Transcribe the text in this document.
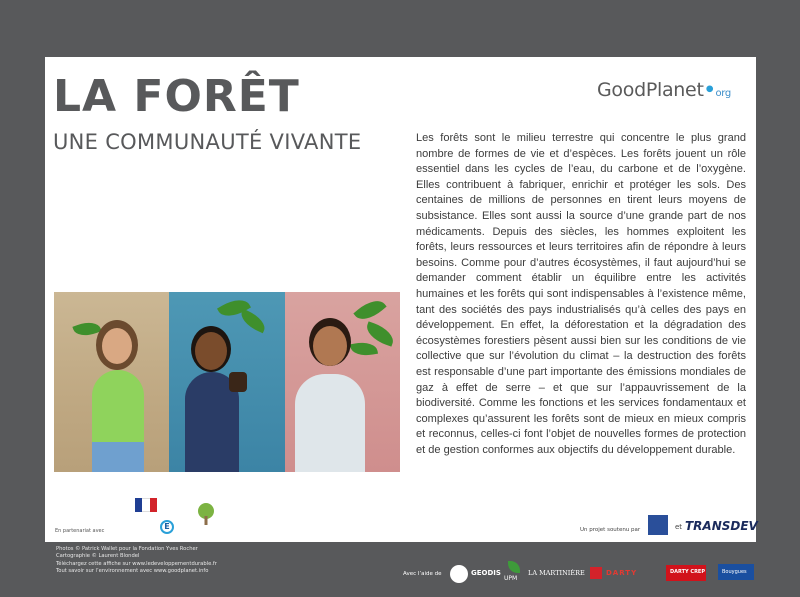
LA FORÊT
UNE COMMUNAUTÉ VIVANTE
GoodPlanet•org
Les forêts sont le milieu terrestre qui concentre le plus grand nombre de formes de vie et d’espèces. Les forêts jouent un rôle essentiel dans les cycles de l’eau, du carbone et de l’oxygène. Elles contribuent à fabriquer, enrichir et protéger les sols. Des centaines de millions de personnes en tirent leurs moyens de subsistance. Elles sont aussi la source d’une grande part de nos médicaments. Depuis des siècles, les hommes exploitent les forêts, leurs ressources et leurs territoires afin de répondre à leurs besoins. Comme pour d’autres écosystèmes, il faut aujourd’hui se demander comment établir un équilibre entre les activités humaines et les forêts qui sont indispensables à l’existence même, tant des sociétés des pays industrialisés qu’à celles des pays en développement. En effet, la déforestation et la dégradation des écosystèmes forestiers pèsent aussi bien sur les conditions de vie collective que sur l’évolution du climat – la destruction des forêts est responsable d’une part importante des émissions mondiales de gaz à effet de serre – et que sur l’appauvrissement de la biodiversité. Comme les fonctions et les services fondamentaux et complexes qu’assurent les forêts sont de mieux en mieux compris et reconnus, celles-ci font l’objet de nouvelles formes de protection et de gestion conformes aux objectifs du développement durable.
En partenariat avec	E	Un projet soutenu par	et TRANSDEV
Photos © Patrick Wallet pour la Fondation Yves Rocher
Cartographie © Laurent Blondel
Téléchargez cette affiche sur www.ledeveloppementdurable.fr
Tout savoir sur l’environnement avec www.goodplanet.info
Avec l’aide de	GEODIS
UPM
LA MARTINIÈRE	DARTY	DARTY CREP	Bouygues
